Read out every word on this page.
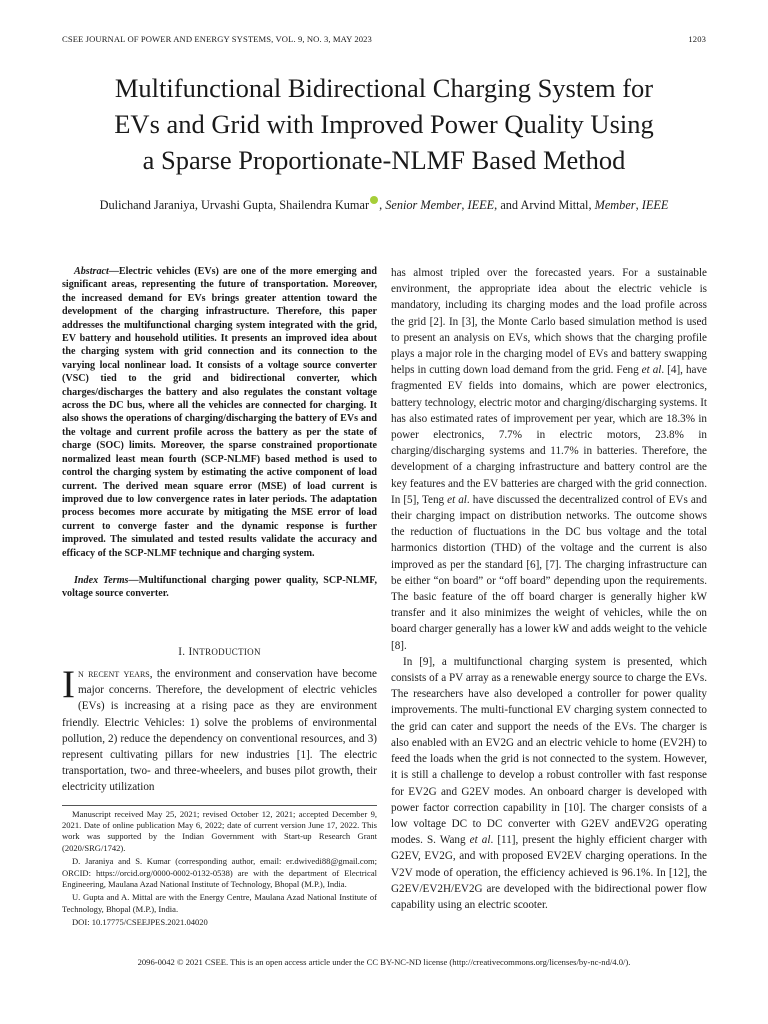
CSEE JOURNAL OF POWER AND ENERGY SYSTEMS, VOL. 9, NO. 3, MAY 2023	1203
Multifunctional Bidirectional Charging System for
EVs and Grid with Improved Power Quality Using
a Sparse Proportionate-NLMF Based Method
Dulichand Jaraniya, Urvashi Gupta, Shailendra Kumar , Senior Member, IEEE, and Arvind Mittal, Member, IEEE

Abstract—Electric vehicles (EVs) are one of the more emerging and significant areas, representing the future of transportation. Moreover, the increased demand for EVs brings greater attention toward the development of the charging infrastructure. Therefore, this paper addresses the multifunctional charging system integrated with the grid, EV battery and household utilities. It presents an improved idea about the charging system with grid connection and its connection to the varying local nonlinear load. It consists of a voltage source converter (VSC) tied to the grid and bidirectional converter, which charges/discharges the battery and also regulates the constant voltage across the DC bus, where all the vehicles are connected for charging. It also shows the operations of charging/discharging the battery of EVs and the voltage and current profile across the battery as per the state of charge (SOC) limits. Moreover, the sparse constrained proportionate normalized least mean fourth (SCP-NLMF) based method is used to control the charging system by estimating the active component of load current. The derived mean square error (MSE) of load current is improved due to low convergence rates in later periods. The adaptation process becomes more accurate by mitigating the MSE error of load current to converge faster and the dynamic response is further improved. The simulated and tested results validate the accuracy and efficacy of the SCP-NLMF technique and charging system.

Index Terms—Multifunctional charging power quality, SCP-NLMF, voltage source converter.

I. INTRODUCTION

In recent years, the environment and conservation have become major concerns. Therefore, the development of electric vehicles (EVs) is increasing at a rising pace as they are environment friendly. Electric Vehicles: 1) solve the problems of environmental pollution, 2) reduce the dependency on conventional resources, and 3) represent cultivating pillars for new industries [1]. The electric transportation, two- and three-wheelers, and buses pilot growth, their electricity utilization

Manuscript received May 25, 2021; revised October 12, 2021; accepted December 9, 2021. Date of online publication May 6, 2022; date of current version June 17, 2022. This work was supported by the Indian Government with Start-up Research Grant (2020/SRG/1742).

D. Jaraniya and S. Kumar (corresponding author, email: er.dwivedi88@gmail.com; ORCID: https://orcid.org/0000-0002-0132-0538) are with the department of Electrical Engineering, Maulana Azad National Institute of Technology, Bhopal (M.P.), India.

U. Gupta and A. Mittal are with the Energy Centre, Maulana Azad National Institute of Technology, Bhopal (M.P.), India.

DOI: 10.17775/CSEEJPES.2021.04020

has almost tripled over the forecasted years. For a sustainable environment, the appropriate idea about the electric vehicle is mandatory, including its charging modes and the load profile across the grid [2]. In [3], the Monte Carlo based simulation method is used to present an analysis on EVs, which shows that the charging profile plays a major role in the charging model of EVs and battery swapping helps in cutting down load demand from the grid. Feng et al. [4], have fragmented EV fields into domains, which are power electronics, battery technology, electric motor and charging/discharging systems. It has also estimated rates of improvement per year, which are 18.3% in power electronics, 7.7% in electric motors, 23.8% in charging/discharging systems and 11.7% in batteries. Therefore, the development of a charging infrastructure and battery control are the key features and the EV batteries are charged with the grid connection. In [5], Teng et al. have discussed the decentralized control of EVs and their charging impact on distribution networks. The outcome shows the reduction of fluctuations in the DC bus voltage and the total harmonics distortion (THD) of the voltage and the current is also improved as per the standard [6], [7]. The charging infrastructure can be either “on board” or “off board” depending upon the requirements. The basic feature of the off board charger is generally higher kW transfer and it also minimizes the weight of vehicles, while the on board charger generally has a lower kW and adds weight to the vehicle [8].

In [9], a multifunctional charging system is presented, which consists of a PV array as a renewable energy source to charge the EVs. The researchers have also developed a controller for power quality improvements. The multi-functional EV charging system connected to the grid can cater and support the needs of the EVs. The charger is also enabled with an EV2G and an electric vehicle to home (EV2H) to feed the loads when the grid is not connected to the system. However, it is still a challenge to develop a robust controller with fast response for EV2G and G2EV modes. An onboard charger is developed with power factor correction capability in [10]. The charger consists of a low voltage DC to DC converter with G2EV andEV2G operating modes. S. Wang et al. [11], present the highly efficient charger with G2EV, EV2G, and with proposed EV2EV charging operations. In the V2V mode of operation, the efficiency achieved is 96.1%. In [12], the G2EV/EV2H/EV2G are developed with the bidirectional power flow capability using an electric scooter.

2096-0042 © 2021 CSEE. This is an open access article under the CC BY-NC-ND license (http://creativecommons.org/licenses/by-nc-nd/4.0/).
